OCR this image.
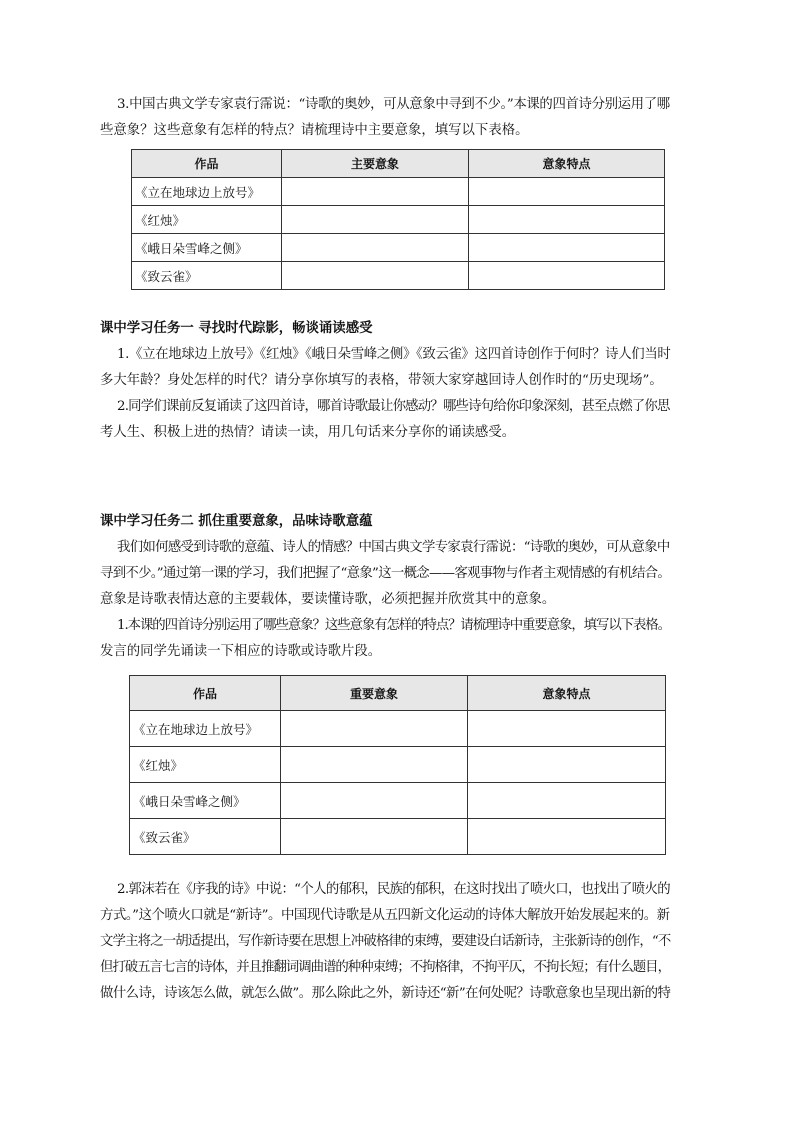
3.中国古典文学专家袁行霈说：“诗歌的奥妙，可从意象中寻到不少。”本课的四首诗分别运用了哪
些意象？这些意象有怎样的特点？请梳理诗中主要意象，填写以下表格。

作品	主要意象	意象特点
《立在地球边上放号》		
《红烛》		
《峨日朵雪峰之侧》		
《致云雀》		

课中学习任务一 寻找时代踪影，畅谈诵读感受

1.《立在地球边上放号》《红烛》《峨日朵雪峰之侧》《致云雀》这四首诗创作于何时？诗人们当时
多大年龄？身处怎样的时代？请分享你填写的表格，带领大家穿越回诗人创作时的“历史现场”。

2.同学们课前反复诵读了这四首诗，哪首诗歌最让你感动？哪些诗句给你印象深刻，甚至点燃了你思
考人生、积极上进的热情？请读一读，用几句话来分享你的诵读感受。

课中学习任务二 抓住重要意象，品味诗歌意蕴

我们如何感受到诗歌的意蕴、诗人的情感？中国古典文学专家袁行霈说：“诗歌的奥妙，可从意象中
寻到不少。”通过第一课的学习，我们把握了“意象”这一概念——客观事物与作者主观情感的有机结合。
意象是诗歌表情达意的主要载体，要读懂诗歌，必须把握并欣赏其中的意象。

1.本课的四首诗分别运用了哪些意象？这些意象有怎样的特点？请梳理诗中重要意象，填写以下表格。
发言的同学先诵读一下相应的诗歌或诗歌片段。

作品	重要意象	意象特点
《立在地球边上放号》		
《红烛》		
《峨日朵雪峰之侧》		
《致云雀》		

2.郭沫若在《序我的诗》中说：“个人的郁积，民族的郁积，在这时找出了喷火口，也找出了喷火的
方式。”这个喷火口就是“新诗”。中国现代诗歌是从五四新文化运动的诗体大解放开始发展起来的。新
文学主将之一胡适提出，写作新诗要在思想上冲破格律的束缚，要建设白话新诗，主张新诗的创作，“不
但打破五言七言的诗体，并且推翻词调曲谱的种种束缚；不拘格律，不拘平仄，不拘长短；有什么题目，
做什么诗，诗该怎么做，就怎么做”。那么除此之外，新诗还“新”在何处呢？诗歌意象也呈现出新的特
